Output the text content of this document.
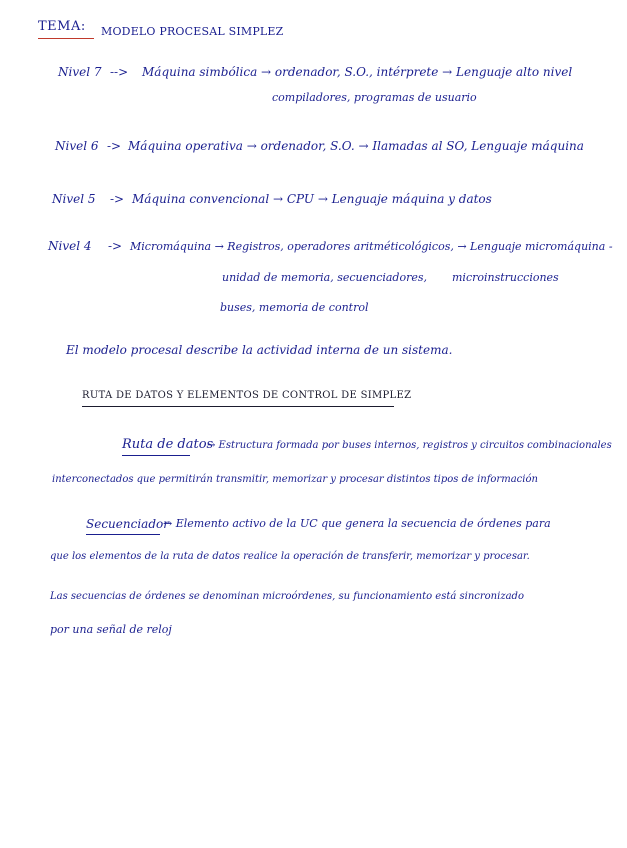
TEMA: MODELO PROCESAL SIMPLEZ
Nivel 7 --> Máquina simbólica → ordenador, S.O., intérprete → Lenguaje alto nivel
compiladores, programas de usuario
Nivel 6 -> Máquina operativa → ordenador, S.O. → Ilamadas al SO, Lenguaje máquina
Nivel 5 -> Máquina convencional → CPU → Lenguaje máquina y datos
Nivel 4 -> Micromáquina → Registros, operadores aritméticológicos, → Lenguaje micromáquina -
unidad de memoria, secuenciadores, microinstrucciones
buses, memoria de control
El modelo procesal describe la actividad interna de un sistema.
RUTA DE DATOS Y ELEMENTOS DE CONTROL DE SIMPLEZ
Ruta de datos
→ Estructura formada por buses internos, registros y circuitos combinacionales
interconectados que permitirán transmitir, memorizar y procesar distintos tipos de información
Secuenciador
→ Elemento activo de la UC que genera la secuencia de órdenes para
que los elementos de la ruta de datos realice la operación de transferir, memorizar y procesar.
Las secuencias de órdenes se denominan microórdenes, su funcionamiento está sincronizado
por una señal de reloj
